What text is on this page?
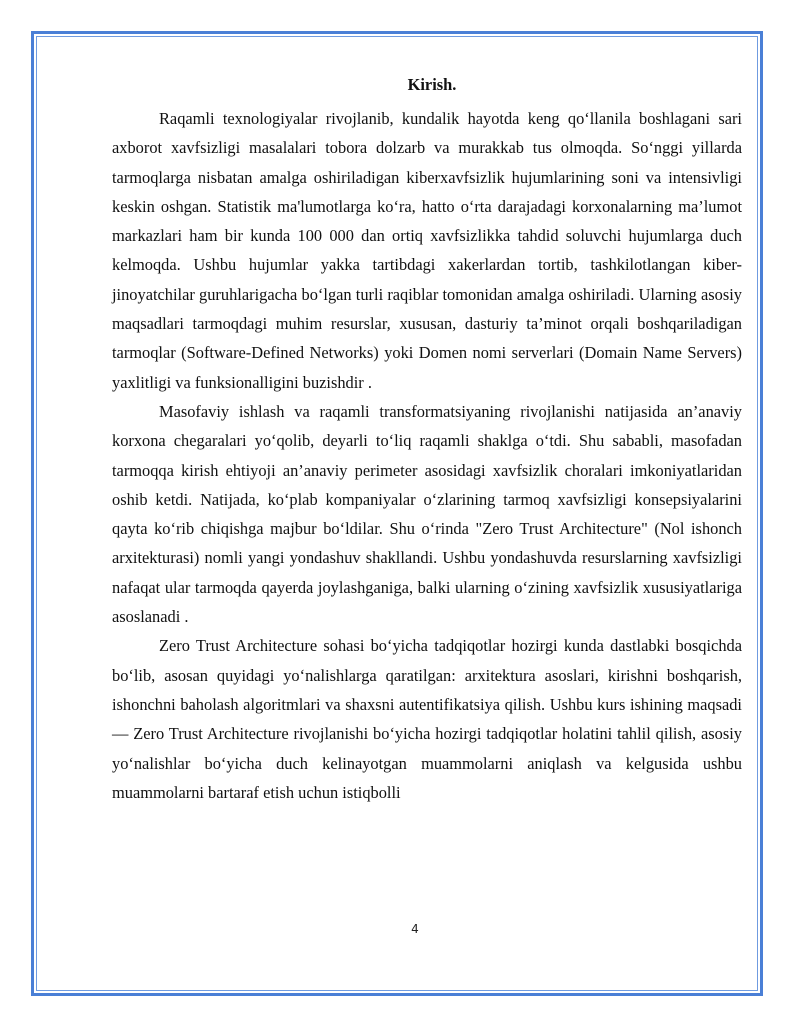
Kirish.

Raqamli texnologiyalar rivojlanib, kundalik hayotda keng qo‘llanila boshlagani sari axborot xavfsizligi masalalari tobora dolzarb va murakkab tus olmoqda. So‘nggi yillarda tarmoqlarga nisbatan amalga oshiriladigan kiberxavfsizlik hujumlarining soni va intensivligi keskin oshgan. Statistik ma'lumotlarga ko‘ra, hatto o‘rta darajadagi korxonalarning ma’lumot markazlari ham bir kunda 100 000 dan ortiq xavfsizlikka tahdid soluvchi hujumlarga duch kelmoqda. Ushbu hujumlar yakka tartibdagi xakerlardan tortib, tashkilotlangan kiber-jinoyatchilar guruhlarigacha bo‘lgan turli raqiblar tomonidan amalga oshiriladi. Ularning asosiy maqsadlari tarmoqdagi muhim resurslar, xususan, dasturiy ta’minot orqali boshqariladigan tarmoqlar (Software-Defined Networks) yoki Domen nomi serverlari (Domain Name Servers) yaxlitligi va funksionalligini buzishdir .

Masofaviy ishlash va raqamli transformatsiyaning rivojlanishi natijasida an’anaviy korxona chegaralari yo‘qolib, deyarli to‘liq raqamli shaklga o‘tdi. Shu sababli, masofadan tarmoqqa kirish ehtiyoji an’anaviy perimeter asosidagi xavfsizlik choralari imkoniyatlaridan oshib ketdi. Natijada, ko‘plab kompaniyalar o‘zlarining tarmoq xavfsizligi konsepsiyalarini qayta ko‘rib chiqishga majbur bo‘ldilar. Shu o‘rinda "Zero Trust Architecture" (Nol ishonch arxitekturasi) nomli yangi yondashuv shakllandi. Ushbu yondashuvda resurslarning xavfsizligi nafaqat ular tarmoqda qayerda joylashganiga, balki ularning o‘zining xavfsizlik xususiyatlariga asoslanadi .

Zero Trust Architecture sohasi bo‘yicha tadqiqotlar hozirgi kunda dastlabki bosqichda bo‘lib, asosan quyidagi yo‘nalishlarga qaratilgan: arxitektura asoslari, kirishni boshqarish, ishonchni baholash algoritmlari va shaxsni autentifikatsiya qilish. Ushbu kurs ishining maqsadi — Zero Trust Architecture rivojlanishi bo‘yicha hozirgi tadqiqotlar holatini tahlil qilish, asosiy yo‘nalishlar bo‘yicha duch kelinayotgan muammolarni aniqlash va kelgusida ushbu muammolarni bartaraf etish uchun istiqbolli

4
